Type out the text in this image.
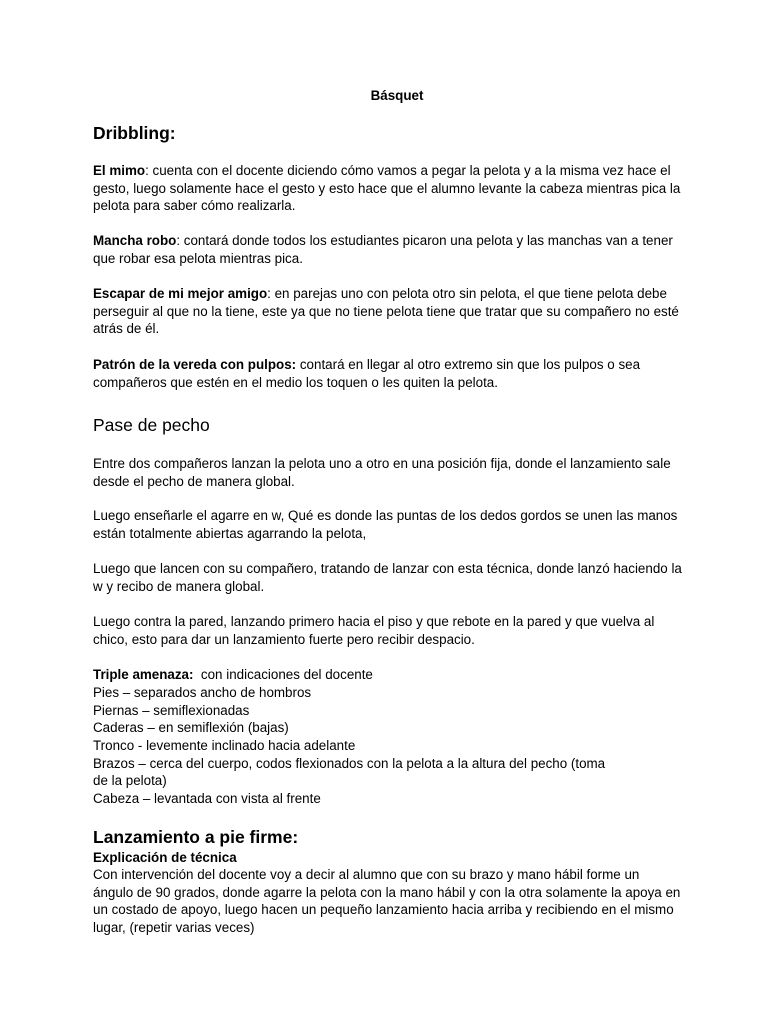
Básquet
Dribbling:
El mimo: cuenta con el docente diciendo cómo vamos a pegar la pelota y a la misma vez hace el gesto, luego solamente hace el gesto y esto hace que el alumno levante la cabeza mientras pica la pelota para saber cómo realizarla.
Mancha robo: contará donde todos los estudiantes picaron una pelota y las manchas van a tener que robar esa pelota mientras pica.
Escapar de mi mejor amigo: en parejas uno con pelota otro sin pelota, el que tiene pelota debe perseguir al que no la tiene, este ya que no tiene pelota tiene que tratar que su compañero no esté atrás de él.
Patrón de la vereda con pulpos: contará en llegar al otro extremo sin que los pulpos o sea compañeros que estén en el medio los toquen o les quiten la pelota.
Pase de pecho
Entre dos compañeros lanzan la pelota uno a otro en una posición fija, donde el lanzamiento sale desde el pecho de manera global.
Luego enseñarle el agarre en w, Qué es donde las puntas de los dedos gordos se unen las manos están totalmente abiertas agarrando la pelota,
Luego que lancen con su compañero, tratando de lanzar con esta técnica, donde lanzó haciendo la w y recibo de manera global.
Luego contra la pared, lanzando primero hacia el piso y que rebote en la pared y que vuelva al chico, esto para dar un lanzamiento fuerte pero recibir despacio.
Triple amenaza:  con indicaciones del docente
Pies – separados ancho de hombros
Piernas – semiflexionadas
Caderas – en semiflexión (bajas)
Tronco - levemente inclinado hacia adelante
Brazos – cerca del cuerpo, codos flexionados con la pelota a la altura del pecho (toma
de la pelota)
Cabeza – levantada con vista al frente
Lanzamiento a pie firme:
Explicación de técnica
Con intervención del docente voy a decir al alumno que con su brazo y mano hábil forme un ángulo de 90 grados, donde agarre la pelota con la mano hábil y con la otra solamente la apoya en un costado de apoyo, luego hacen un pequeño lanzamiento hacia arriba y recibiendo en el mismo lugar, (repetir varias veces)
